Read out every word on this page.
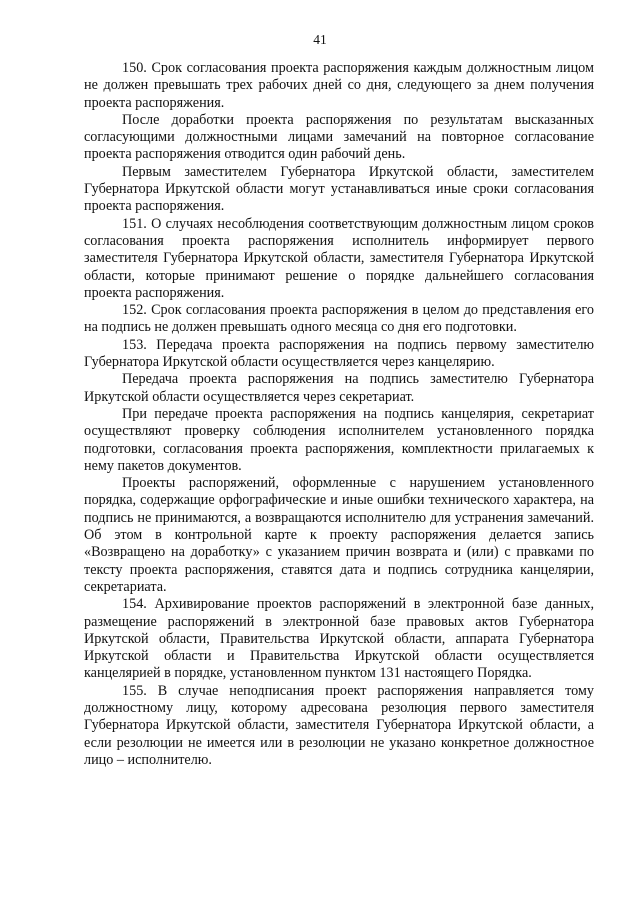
41

150. Срок согласования проекта распоряжения каждым должностным лицом не должен превышать трех рабочих дней со дня, следующего за днем получения проекта распоряжения.

После доработки проекта распоряжения по результатам высказанных согласующими должностными лицами замечаний на повторное согласование проекта распоряжения отводится один рабочий день.

Первым заместителем Губернатора Иркутской области, заместителем Губернатора Иркутской области могут устанавливаться иные сроки согласования проекта распоряжения.

151. О случаях несоблюдения соответствующим должностным лицом сроков согласования проекта распоряжения исполнитель информирует первого заместителя Губернатора Иркутской области, заместителя Губернатора Иркутской области, которые принимают решение о порядке дальнейшего согласования проекта распоряжения.

152. Срок согласования проекта распоряжения в целом до представления его на подпись не должен превышать одного месяца со дня его подготовки.

153. Передача проекта распоряжения на подпись первому заместителю Губернатора Иркутской области осуществляется через канцелярию.

Передача проекта распоряжения на подпись заместителю Губернатора Иркутской области осуществляется через секретариат.

При передаче проекта распоряжения на подпись канцелярия, секретариат осуществляют проверку соблюдения исполнителем установленного порядка подготовки, согласования проекта распоряжения, комплектности прилагаемых к нему пакетов документов.

Проекты распоряжений, оформленные с нарушением установленного порядка, содержащие орфографические и иные ошибки технического характера, на подпись не принимаются, а возвращаются исполнителю для устранения замечаний. Об этом в контрольной карте к проекту распоряжения делается запись «Возвращено на доработку» с указанием причин возврата и (или) с правками по тексту проекта распоряжения, ставятся дата и подпись сотрудника канцелярии, секретариата.

154. Архивирование проектов распоряжений в электронной базе данных, размещение распоряжений в электронной базе правовых актов Губернатора Иркутской области, Правительства Иркутской области, аппарата Губернатора Иркутской области и Правительства Иркутской области осуществляется канцелярией в порядке, установленном пунктом 131 настоящего Порядка.

155. В случае неподписания проект распоряжения направляется тому должностному лицу, которому адресована резолюция первого заместителя Губернатора Иркутской области, заместителя Губернатора Иркутской области, а если резолюции не имеется или в резолюции не указано конкретное должностное лицо – исполнителю.
